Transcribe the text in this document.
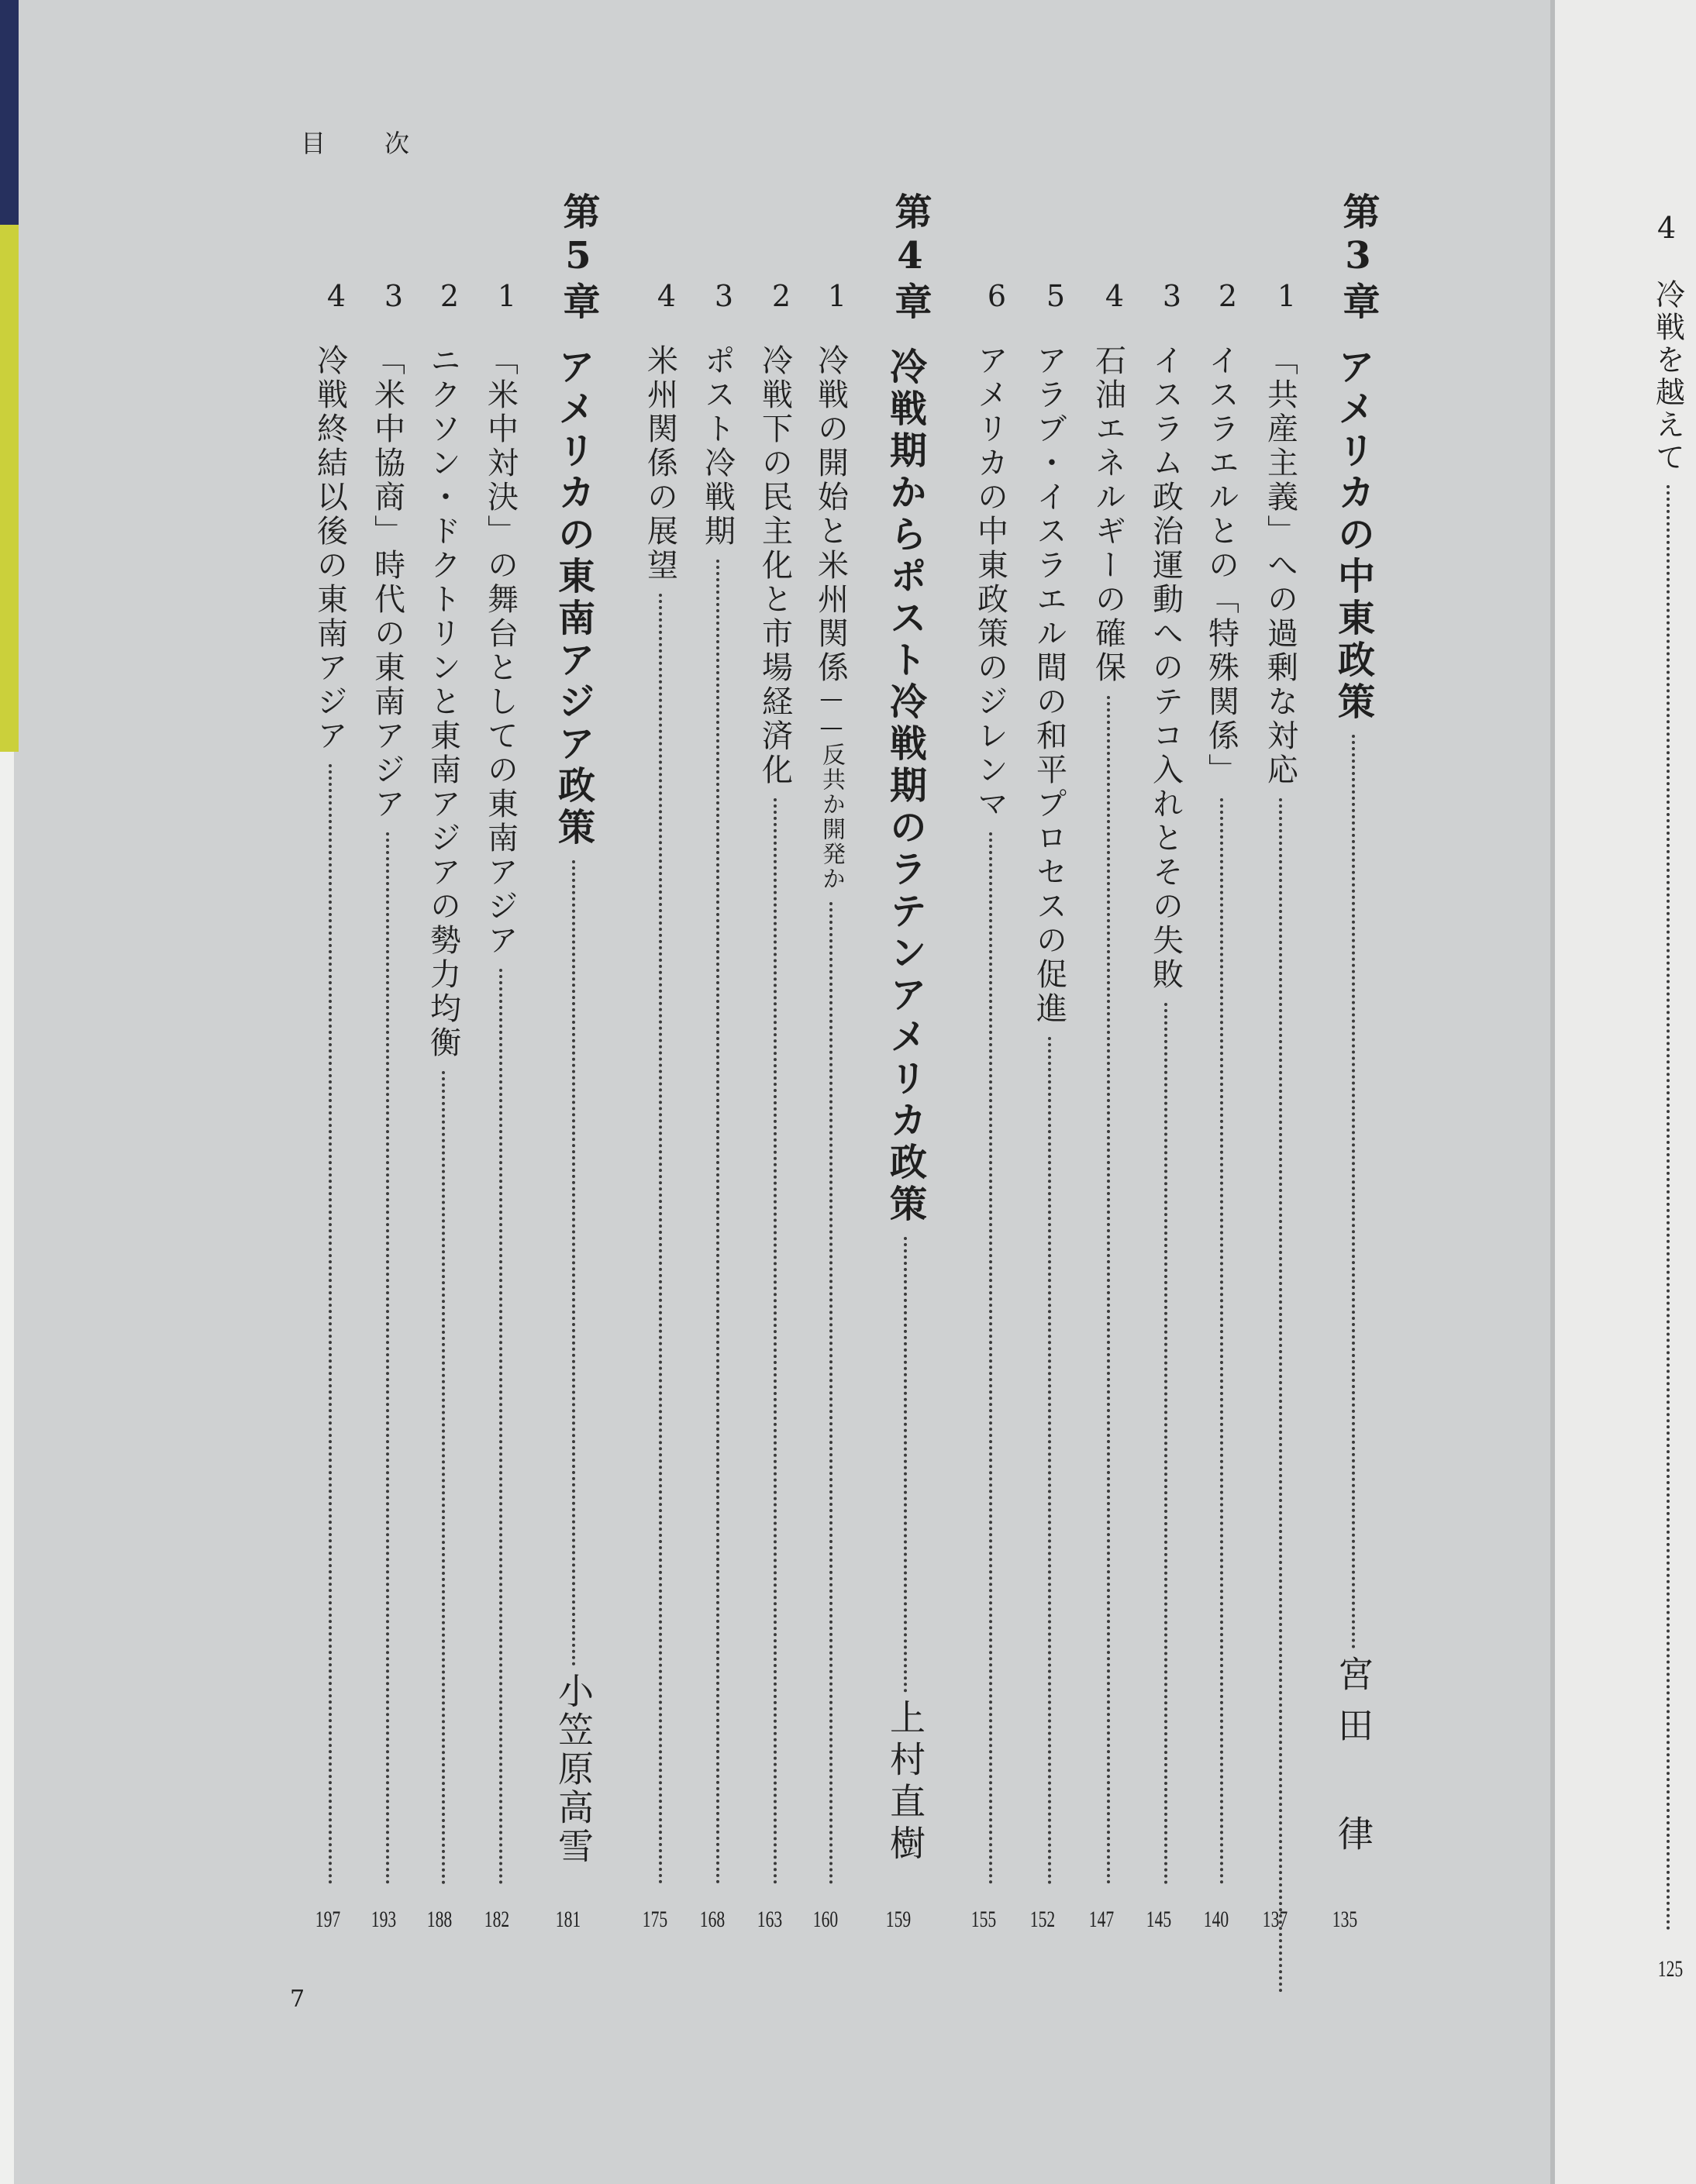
目 次
第3章
アメリカの中東政策
宮田 律
135
1
「共産主義」への過剰な対応
137
2
イスラエルとの「特殊関係」
140
3
イスラム政治運動へのテコ入れとその失敗
145
4
石油エネルギーの確保
147
5
アラブ・イスラエル間の和平プロセスの促進
152
6
アメリカの中東政策のジレンマ
155
第4章
冷戦期からポスト冷戦期のラテンアメリカ政策
上村直樹
159
1
冷戦の開始と米州関係
——反共か開発か
160
2
冷戦下の民主化と市場経済化
163
3
ポスト冷戦期
168
4
米州関係の展望
175
第5章
アメリカの東南アジア政策
小笠原高雪
181
1
「米中対決」の舞台としての東南アジア
182
2
ニクソン・ドクトリンと東南アジアの勢力均衡
188
3
「米中協商」時代の東南アジア
193
4
冷戦終結以後の東南アジア
197
7
4
冷戦を越えて
125
